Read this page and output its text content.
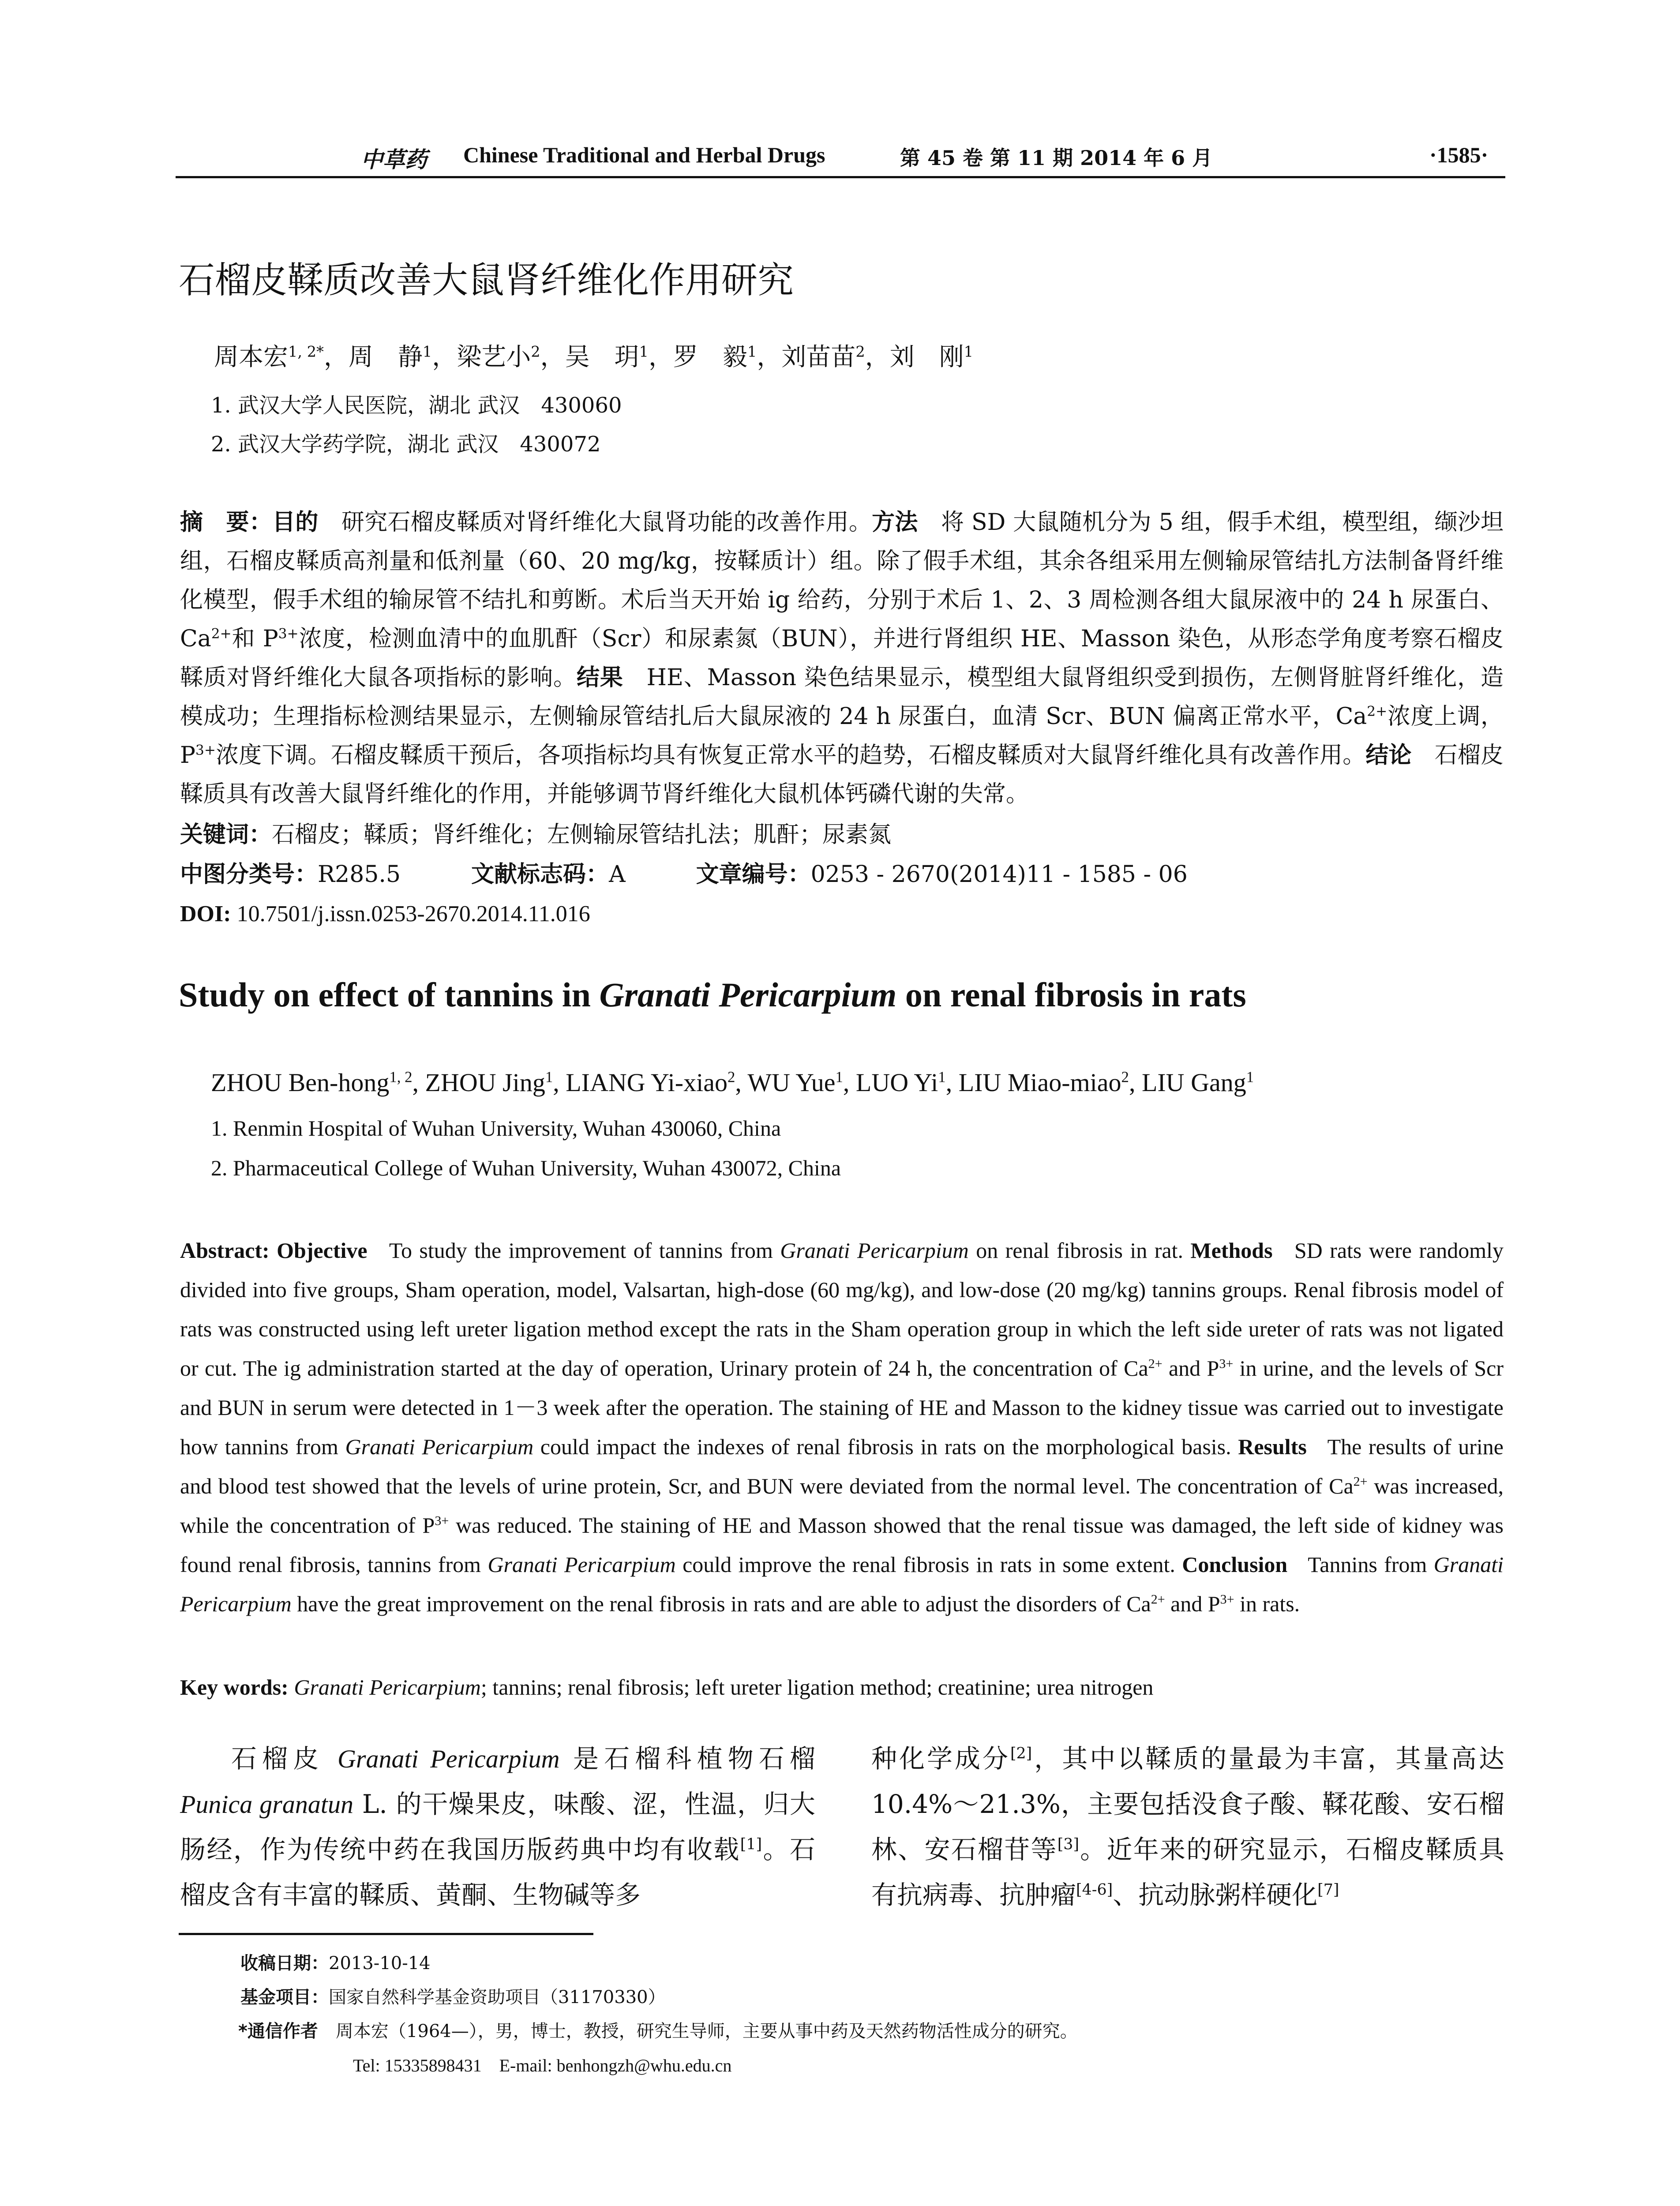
中草药 Chinese Traditional and Herbal Drugs	第 45 卷 第 11 期 2014 年 6 月	·1585·
石榴皮鞣质改善大鼠肾纤维化作用研究
周本宏$^{1, 2*}$，周　静$^1$，梁艺小$^2$，吴　玥$^1$，罗　毅$^1$，刘苗苗$^2$，刘　刚$^1$
1. 武汉大学人民医院，湖北 武汉　430060
2. 武汉大学药学院，湖北 武汉　430072
摘　要：目的　 研究石榴皮鞣质对肾纤维化大鼠肾功能的改善作用。方法　 将 SD 大鼠随机分为 5 组，假手术组，模型组，缬沙坦组，石榴皮鞣质高剂量和低剂量（60、20 mg/kg，按鞣质计）组。除了假手术组，其余各组采用左侧输尿管结扎方法制备肾纤维化模型，假手术组的输尿管不结扎和剪断。术后当天开始 ig 给药，分别于术后 1、2、3 周检测各组大鼠尿液中的 24 h 尿蛋白、$Ca^{2+}$和 $P^{3+}$浓度，检测血清中的血肌酐（Scr）和尿素氮（BUN），并进行肾组织 HE、Masson 染色，从形态学角度考察石榴皮鞣质对肾纤维化大鼠各项指标的影响。结果　 HE、Masson 染色结果显示，模型组大鼠肾组织受到损伤，左侧肾脏肾纤维化，造模成功；生理指标检测结果显示，左侧输尿管结扎后大鼠尿液的 24 h 尿蛋白，血清 Scr、BUN 偏离正常水平，$Ca^{2+}$浓度上调，$P^{3+}$浓度下调。石榴皮鞣质干预后，各项指标均具有恢复正常水平的趋势，石榴皮鞣质对大鼠肾纤维化具有改善作用。结论　 石榴皮鞣质具有改善大鼠肾纤维化的作用，并能够调节肾纤维化大鼠机体钙磷代谢的失常。
关键词：石榴皮；鞣质；肾纤维化；左侧输尿管结扎法；肌酐；尿素氮
中图分类号：R285.5	文献标志码：A	文章编号：0253 - 2670(2014)11 - 1585 - 06
DOI: 10.7501/j.issn.0253-2670.2014.11.016
Study on effect of tannins in Granati Pericarpium on renal fibrosis in rats
ZHOU Ben-hong$^{1, 2}$, ZHOU Jing$^1$, LIANG Yi-xiao$^2$, WU Yue$^1$, LUO Yi$^1$, LIU Miao-miao$^2$, LIU Gang$^1$
1. Renmin Hospital of Wuhan University, Wuhan 430060, China
2. Pharmaceutical College of Wuhan University, Wuhan 430072, China
Abstract: Objective To study the improvement of tannins from Granati Pericarpium on renal fibrosis in rat. Methods SD rats were randomly divided into five groups, Sham operation, model, Valsartan, high-dose (60 mg/kg), and low-dose (20 mg/kg) tannins groups. Renal fibrosis model of rats was constructed using left ureter ligation method except the rats in the Sham operation group in which the left side ureter of rats was not ligated or cut. The ig administration started at the day of operation, Urinary protein of 24 h, the concentration of $Ca^{2+}$ and $P^{3+}$ in urine, and the levels of Scr and BUN in serum were detected in 1－3 week after the operation. The staining of HE and Masson to the kidney tissue was carried out to investigate how tannins from Granati Pericarpium could impact the indexes of renal fibrosis in rats on the morphological basis. Results The results of urine and blood test showed that the levels of urine protein, Scr, and BUN were deviated from the normal level. The concentration of $Ca^{2+}$ was increased, while the concentration of $P^{3+}$ was reduced. The staining of HE and Masson showed that the renal tissue was damaged, the left side of kidney was found renal fibrosis, tannins from Granati Pericarpium could improve the renal fibrosis in rats in some extent. Conclusion Tannins from Granati Pericarpium have the great improvement on the renal fibrosis in rats and are able to adjust the disorders of $Ca^{2+}$ and $P^{3+}$ in rats.
Key words: Granati Pericarpium; tannins; renal fibrosis; left ureter ligation method; creatinine; urea nitrogen
石榴皮 Granati Pericarpium 是石榴科植物石榴 Punica granatun L. 的干燥果皮，味酸、涩，性温，归大肠经，作为传统中药在我国历版药典中均有收载[1]。石榴皮含有丰富的鞣质、黄酮、生物碱等多
种化学成分[2]，其中以鞣质的量最为丰富，其量高达 10.4%～21.3%，主要包括没食子酸、鞣花酸、安石榴林、安石榴苷等[3]。近年来的研究显示，石榴皮鞣质具有抗病毒、抗肿瘤[4-6]、抗动脉粥样硬化[7]
收稿日期：2013-10-14
基金项目：国家自然科学基金资助项目（31170330）
*通信作者　 周本宏（1964—），男，博士，教授，研究生导师，主要从事中药及天然药物活性成分的研究。
Tel: 15335898431　E-mail: benhongzh@whu.edu.cn
